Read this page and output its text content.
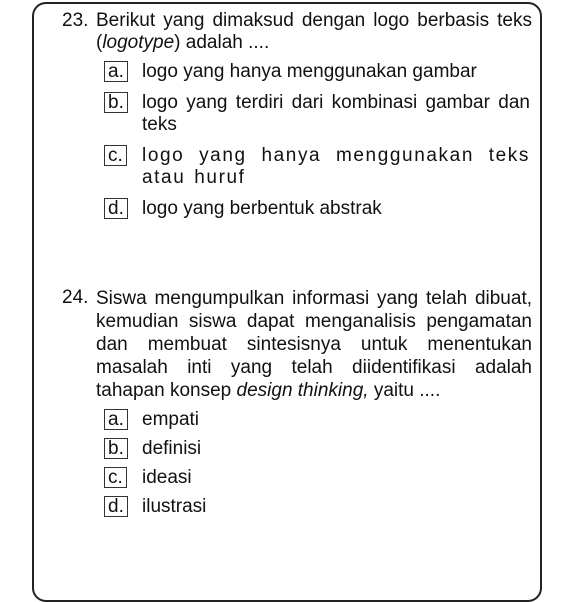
23. Berikut yang dimaksud dengan logo berbasis teks (logotype) adalah ....
a. logo yang hanya menggunakan gambar
b. logo yang terdiri dari kombinasi gambar dan teks
c. logo yang hanya menggunakan teks atau huruf
d. logo yang berbentuk abstrak
24. Siswa mengumpulkan informasi yang telah dibuat, kemudian siswa dapat menganalisis pengamatan dan membuat sintesisnya untuk menentukan masalah inti yang telah diidentifikasi adalah tahapan konsep design thinking, yaitu ....
a. empati
b. definisi
c. ideasi
d. ilustrasi
